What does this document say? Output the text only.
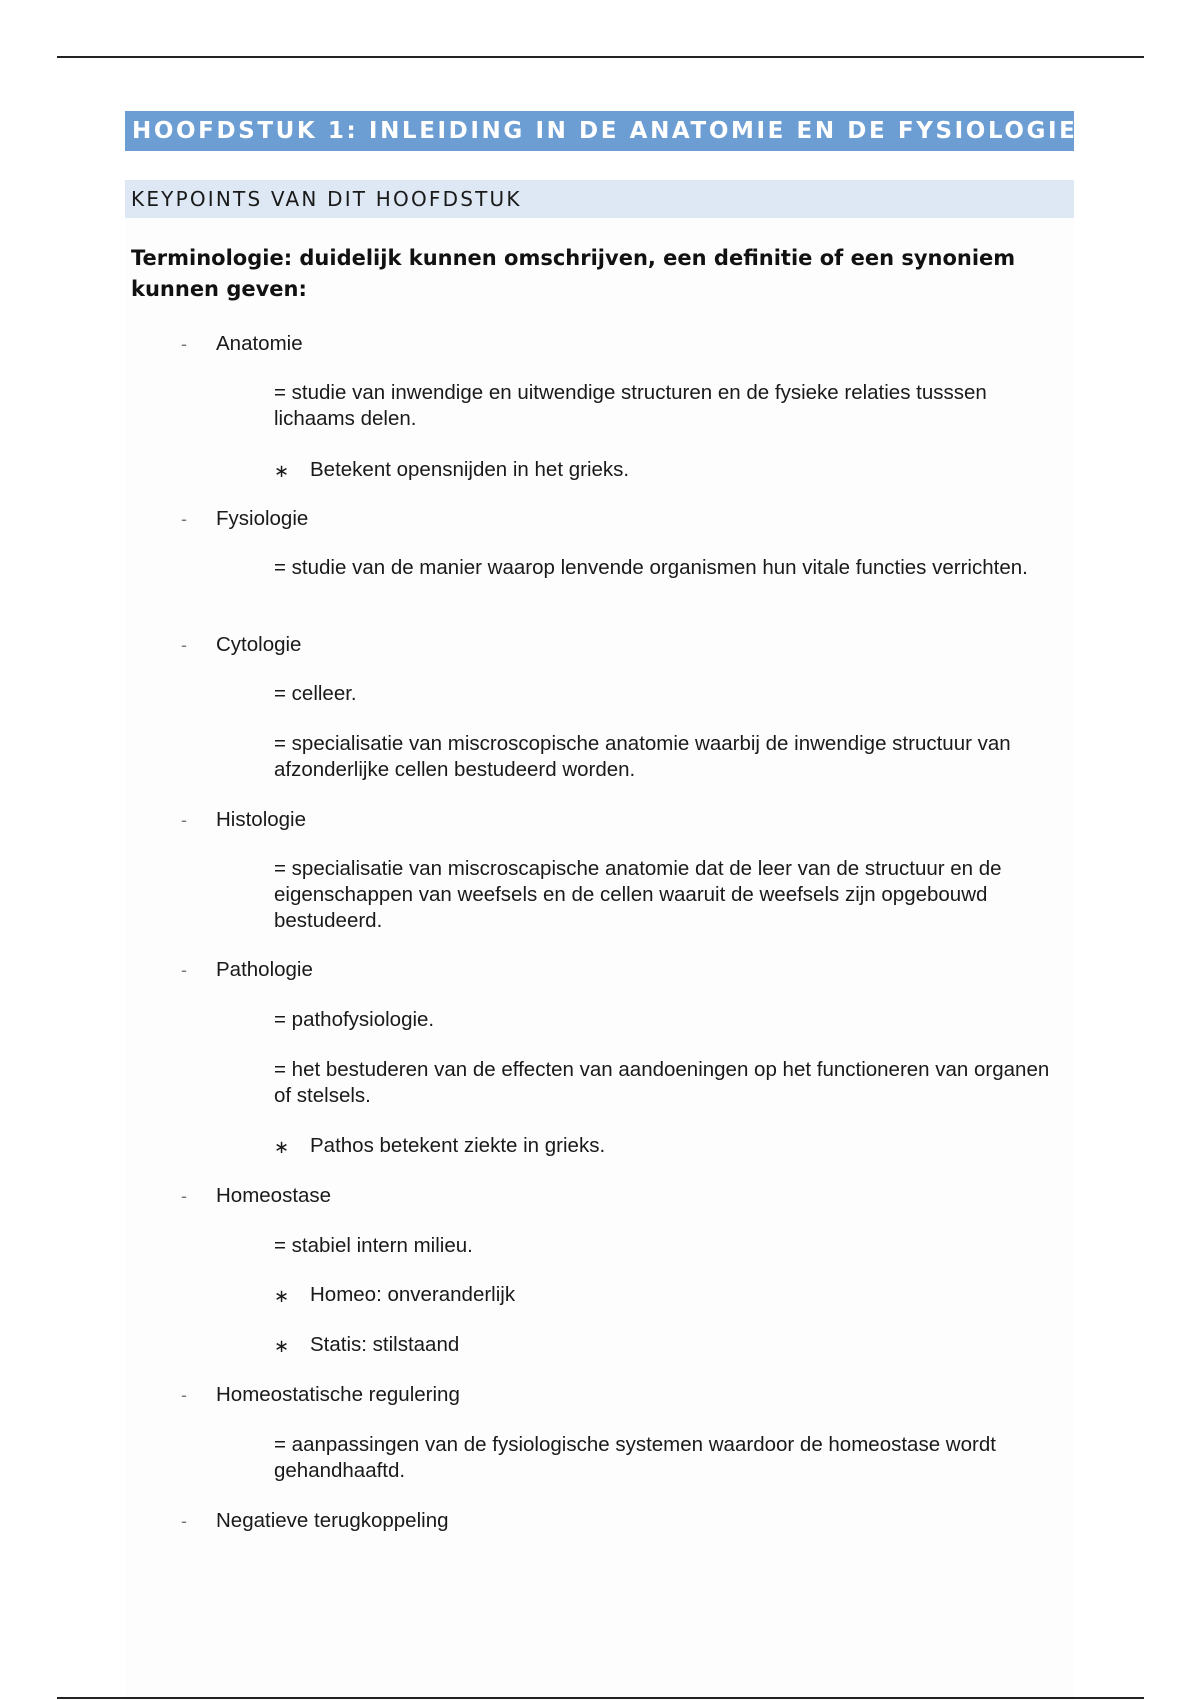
HOOFDSTUK 1: INLEIDING IN DE ANATOMIE EN DE FYSIOLOGIE
KEYPOINTS VAN DIT HOOFDSTUK
Terminologie: duidelijk kunnen omschrijven, een definitie of een synoniem kunnen geven:
- Anatomie
= studie van inwendige en uitwendige structuren en de fysieke relaties tusssen lichaams delen.
∗ Betekent opensnijden in het grieks.
- Fysiologie
= studie van de manier waarop lenvende organismen hun vitale functies verrichten.
- Cytologie
= celleer.
= specialisatie van miscroscopische anatomie waarbij de inwendige structuur van afzonderlijke cellen bestudeerd worden.
- Histologie
= specialisatie van miscroscapische anatomie dat de leer van de structuur en de eigenschappen van weefsels en de cellen waaruit de weefsels zijn opgebouwd bestudeerd.
- Pathologie
= pathofysiologie.
= het bestuderen van de effecten van aandoeningen op het functioneren van organen of stelsels.
∗ Pathos betekent ziekte in grieks.
- Homeostase
= stabiel intern milieu.
∗ Homeo: onveranderlijk
∗ Statis: stilstaand
- Homeostatische regulering
= aanpassingen van de fysiologische systemen waardoor de homeostase wordt gehandhaaftd.
- Negatieve terugkoppeling
